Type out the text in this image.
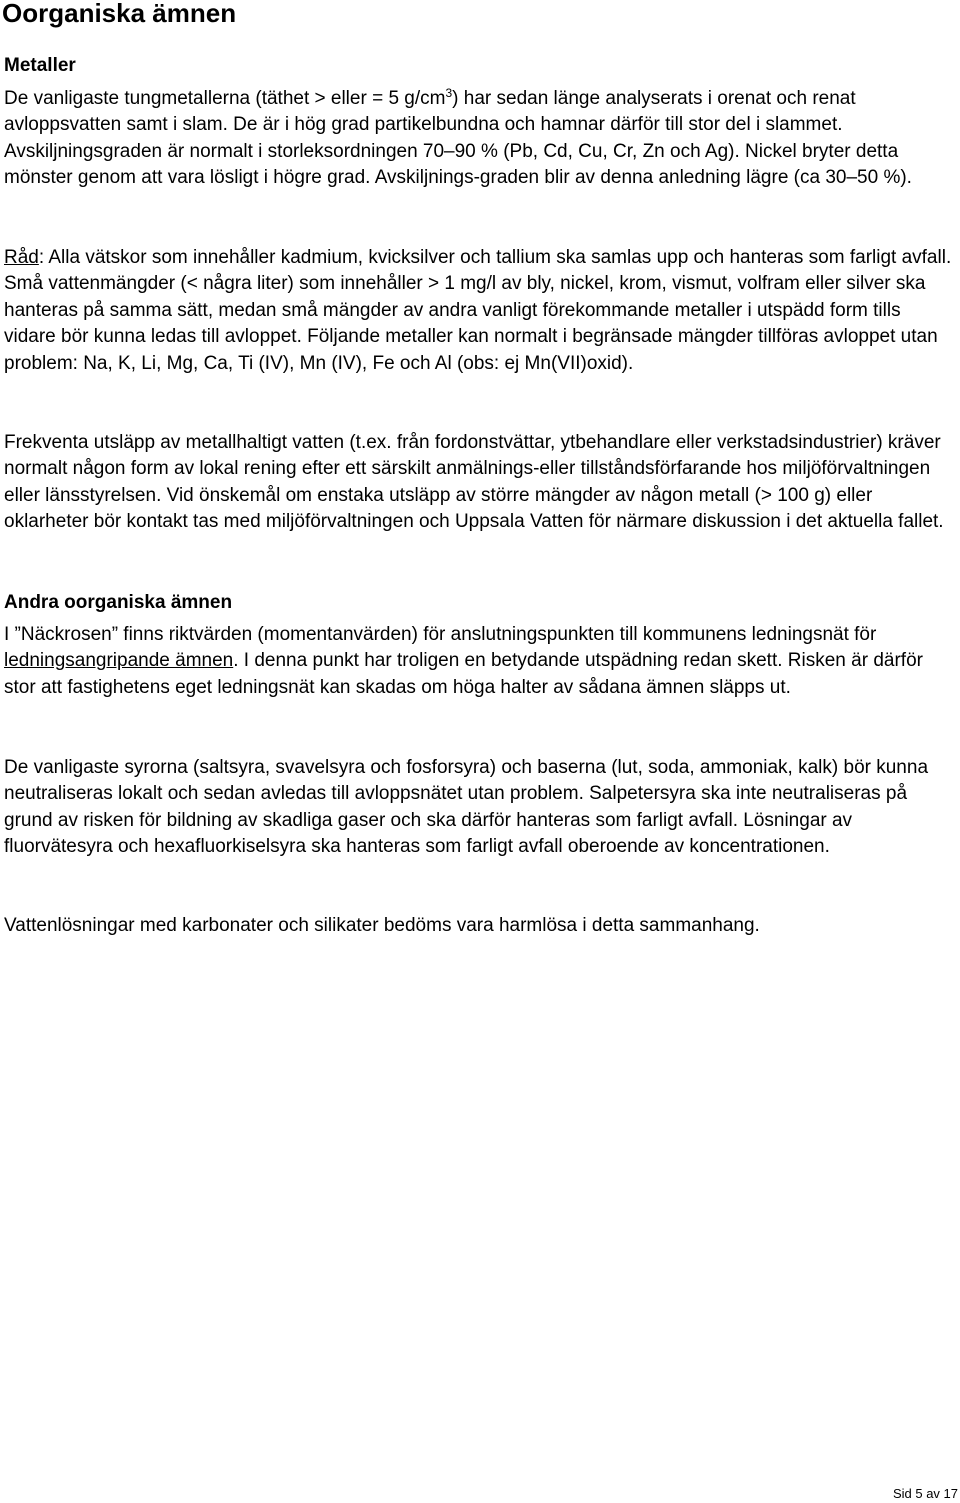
Oorganiska ämnen
Metaller

De vanligaste tungmetallerna (täthet > eller = 5 $g/cm^3$) har sedan länge analyserats i orenat och renat avloppsvatten samt i slam. De är i hög grad partikelbundna och hamnar därför till stor del i slammet. Avskiljningsgraden är normalt i storleksordningen 70–90 % (Pb, Cd, Cu, Cr, Zn och Ag). Nickel bryter detta mönster genom att vara lösligt i högre grad. Avskiljnings-graden blir av denna anledning lägre (ca 30–50 %).

Råd: Alla vätskor som innehåller kadmium, kvicksilver och tallium ska samlas upp och hanteras som farligt avfall. Små vattenmängder (< några liter) som innehåller > 1 mg/l av bly, nickel, krom, vismut, volfram eller silver ska hanteras på samma sätt, medan små mängder av andra vanligt förekommande metaller i utspädd form tills vidare bör kunna ledas till avloppet. Följande metaller kan normalt i begränsade mängder tillföras avloppet utan problem: Na, K, Li, Mg, Ca, Ti (IV), Mn (IV), Fe och Al (obs: ej Mn(VII)oxid).

Frekventa utsläpp av metallhaltigt vatten (t.ex. från fordonstvättar, ytbehandlare eller verkstadsindustrier) kräver normalt någon form av lokal rening efter ett särskilt anmälnings-eller tillståndsförfarande hos miljöförvaltningen eller länsstyrelsen. Vid önskemål om enstaka utsläpp av större mängder av någon metall (> 100 g) eller oklarheter bör kontakt tas med miljöförvaltningen och Uppsala Vatten för närmare diskussion i det aktuella fallet.

Andra oorganiska ämnen

I ”Näckrosen” finns riktvärden (momentanvärden) för anslutningspunkten till kommunens ledningsnät för ledningsangripande ämnen. I denna punkt har troligen en betydande utspädning redan skett. Risken är därför stor att fastighetens eget ledningsnät kan skadas om höga halter av sådana ämnen släpps ut.

De vanligaste syrorna (saltsyra, svavelsyra och fosforsyra) och baserna (lut, soda, ammoniak, kalk) bör kunna neutraliseras lokalt och sedan avledas till avloppsnätet utan problem. Salpetersyra ska inte neutraliseras på grund av risken för bildning av skadliga gaser och ska därför hanteras som farligt avfall. Lösningar av fluorvätesyra och hexafluorkiselsyra ska hanteras som farligt avfall oberoende av koncentrationen.

Vattenlösningar med karbonater och silikater bedöms vara harmlösa i detta sammanhang.

Sid 5 av 17
